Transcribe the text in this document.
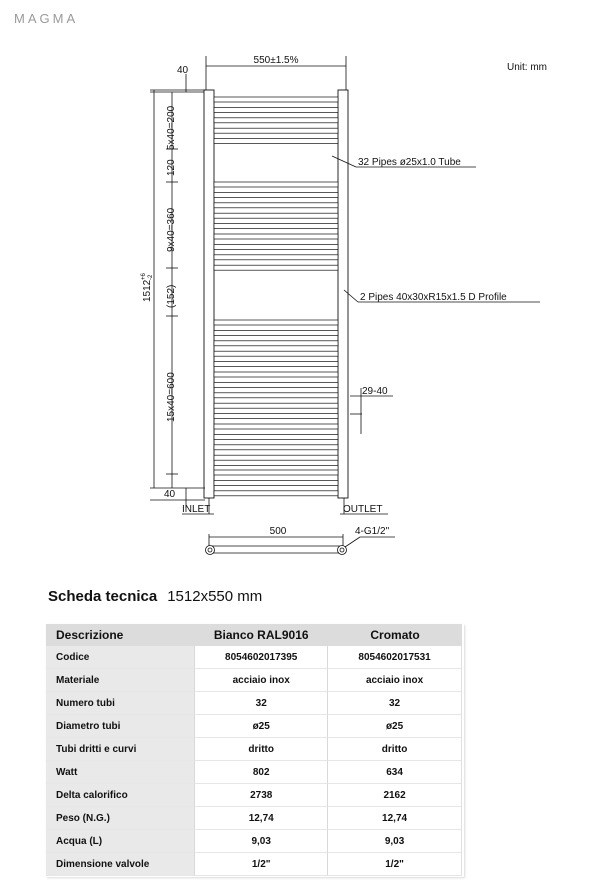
MAGMA
Unit: mm
550±1.5%
40
1512
+6 -2
5x40=200
120
9x40=360
(152)
15x40=600
40
32 Pipes ø25x1.0 Tube
2 Pipes 40x30xR15x1.5 D Profile
29-40
INLET	OUTLET
500	4-G1/2"
Scheda tecnica 1512x550 mm
Descrizione	Bianco RAL9016	Cromato
Codice	8054602017395	8054602017531
Materiale	acciaio inox	acciaio inox
Numero tubi	32	32
Diametro tubi	ø25	ø25
Tubi dritti e curvi	dritto	dritto
Watt	802	634
Delta calorifico	2738	2162
Peso (N.G.)	12,74	12,74
Acqua (L)	9,03	9,03
Dimensione valvole	1/2"	1/2"
